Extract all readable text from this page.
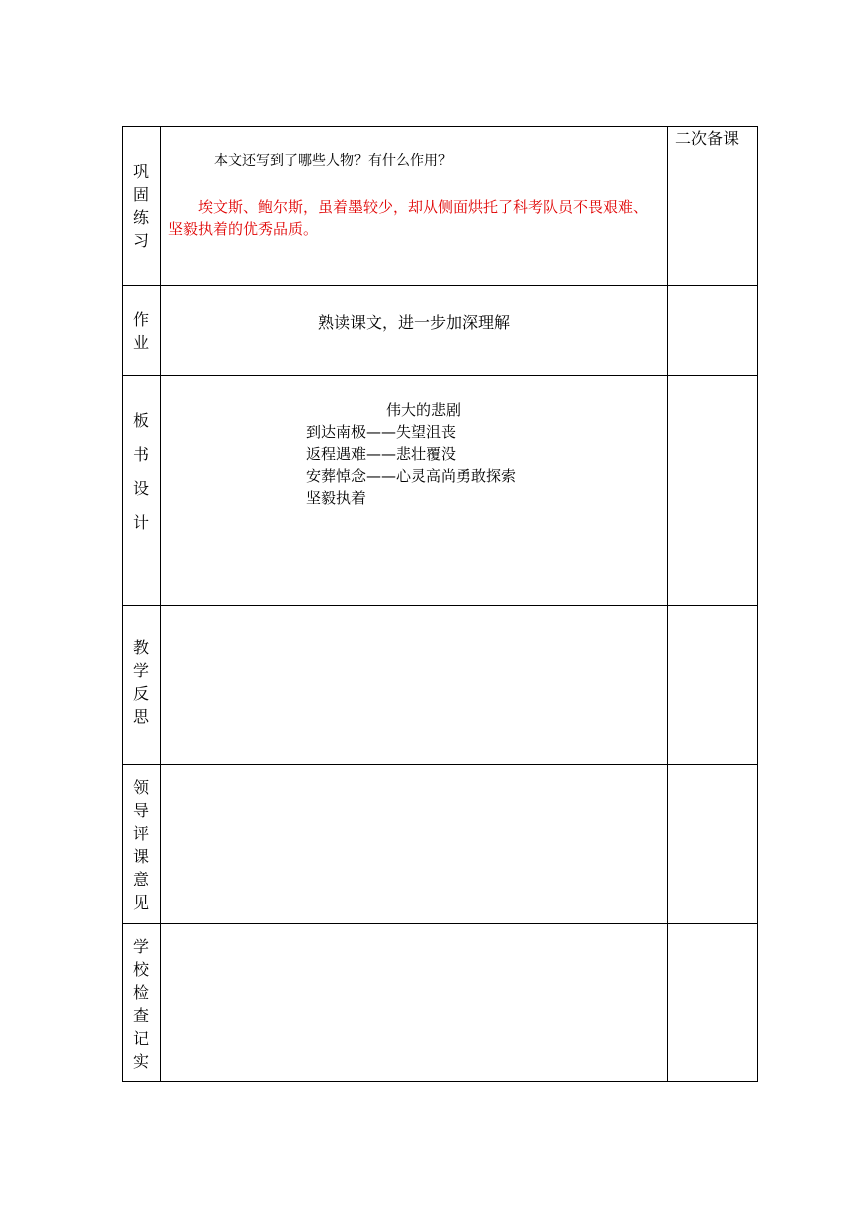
二次备课
巩
固
练
习
本文还写到了哪些人物？有什么作用？
埃文斯、鲍尔斯，虽着墨较少，却从侧面烘托了科考队员不畏艰难、
坚毅执着的优秀品质。
作
业
熟读课文，进一步加深理解
板

书

设

计
伟大的悲剧
到达南极——失望沮丧
返程遇难——悲壮覆没
安葬悼念——心灵高尚勇敢探索
坚毅执着
教
学
反
思
领
导
评
课
意
见
学
校
检
查
记
实
